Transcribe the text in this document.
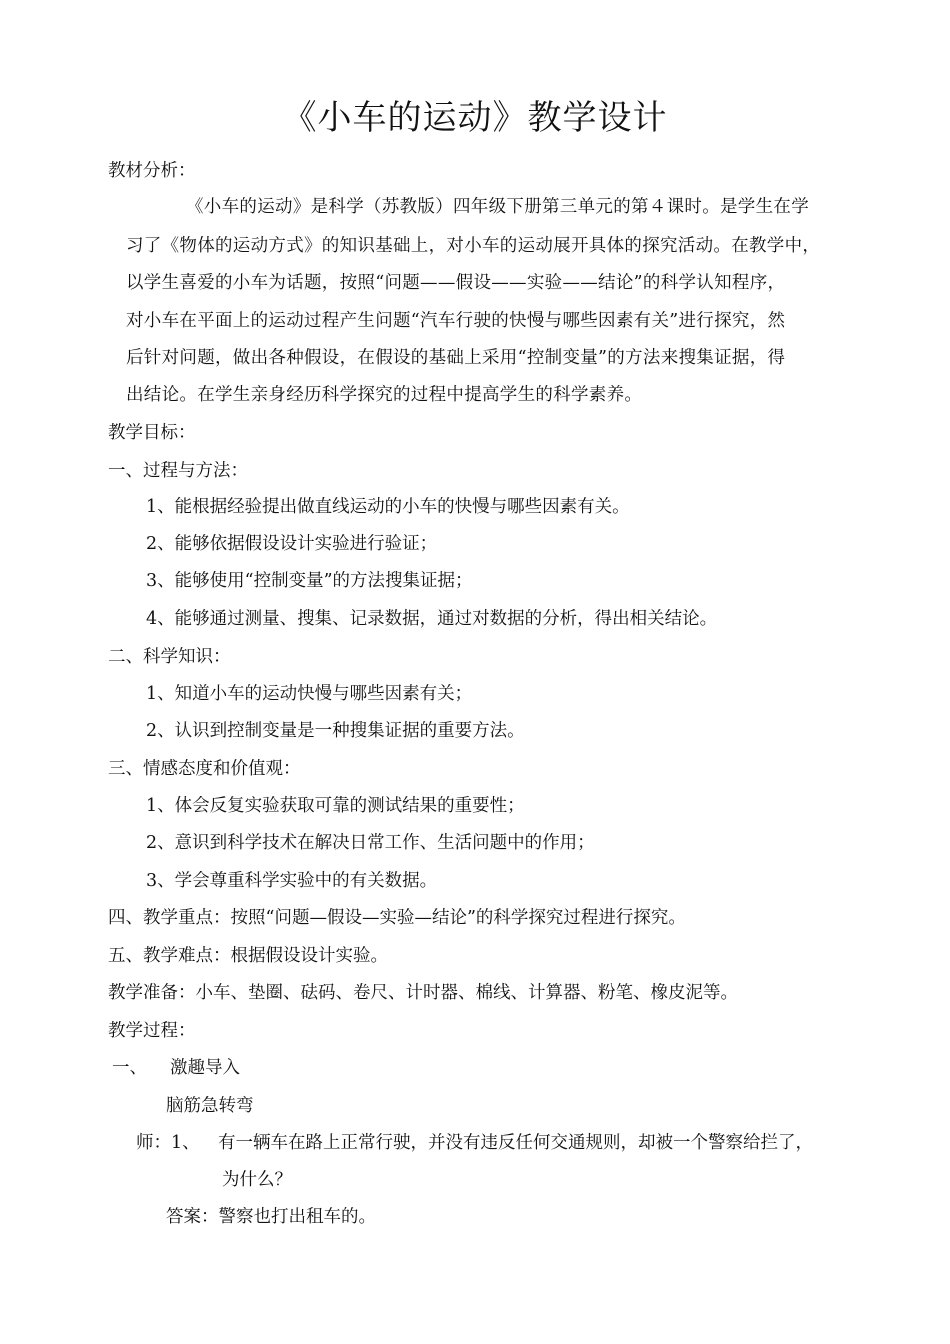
《小车的运动》教学设计
教材分析：
《小车的运动》是科学（苏教版）四年级下册第三单元的第４课时。是学生在学
习了《物体的运动方式》的知识基础上，对小车的运动展开具体的探究活动。在教学中，
以学生喜爱的小车为话题，按照“问题——假设——实验——结论”的科学认知程序，
对小车在平面上的运动过程产生问题“汽车行驶的快慢与哪些因素有关”进行探究，然
后针对问题，做出各种假设，在假设的基础上采用“控制变量”的方法来搜集证据，得
出结论。在学生亲身经历科学探究的过程中提高学生的科学素养。
教学目标：
一、过程与方法：
1、能根据经验提出做直线运动的小车的快慢与哪些因素有关。
2、能够依据假设设计实验进行验证；
3、能够使用“控制变量”的方法搜集证据；
4、能够通过测量、搜集、记录数据，通过对数据的分析，得出相关结论。
二、科学知识：
1、知道小车的运动快慢与哪些因素有关；
2、认识到控制变量是一种搜集证据的重要方法。
三、情感态度和价值观：
1、体会反复实验获取可靠的测试结果的重要性；
2、意识到科学技术在解决日常工作、生活问题中的作用；
3、学会尊重科学实验中的有关数据。
四、教学重点：按照“问题—假设—实验—结论”的科学探究过程进行探究。
五、教学难点：根据假设设计实验。
教学准备：小车、垫圈、砝码、卷尺、计时器、棉线、计算器、粉笔、橡皮泥等。
教学过程：
一、 激趣导入
脑筋急转弯
师：1、 有一辆车在路上正常行驶，并没有违反任何交通规则，却被一个警察给拦了，
为什么？
答案：警察也打出租车的。
